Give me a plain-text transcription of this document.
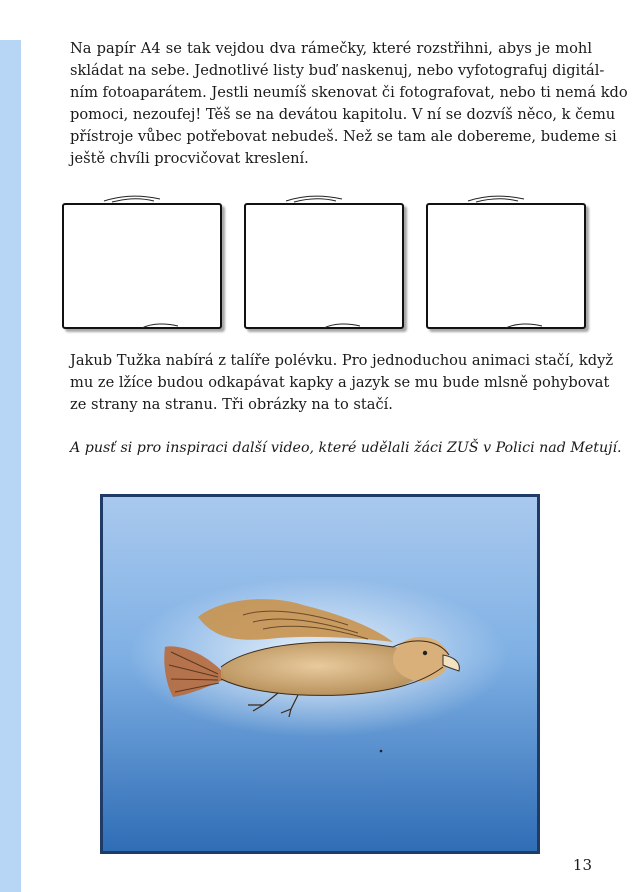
Na papír A4 se tak vejdou dva rámečky, které rozstřihni, abys je mohl
skládat na sebe. Jednotlivé listy buď naskenuj, nebo vyfotografuj digitál-
ním fotoaparátem. Jestli neumíš skenovat či fotografovat, nebo ti nemá kdo
pomoci, nezoufej! Těš se na devátou kapitolu. V ní se dozvíš něco, k čemu
přístroje vůbec potřebovat nebudeš. Než se tam ale dobereme, budeme si
ještě chvíli procvičovat kreslení.
Jakub Tužka nabírá z talíře polévku. Pro jednoduchou animaci stačí, když
mu ze lžíce budou odkapávat kapky a jazyk se mu bude mlsně pohybovat
ze strany na stranu. Tři obrázky na to stačí.

A pusť si pro inspiraci další video, které udělali žáci ZUŠ v Polici nad Metují.

13
